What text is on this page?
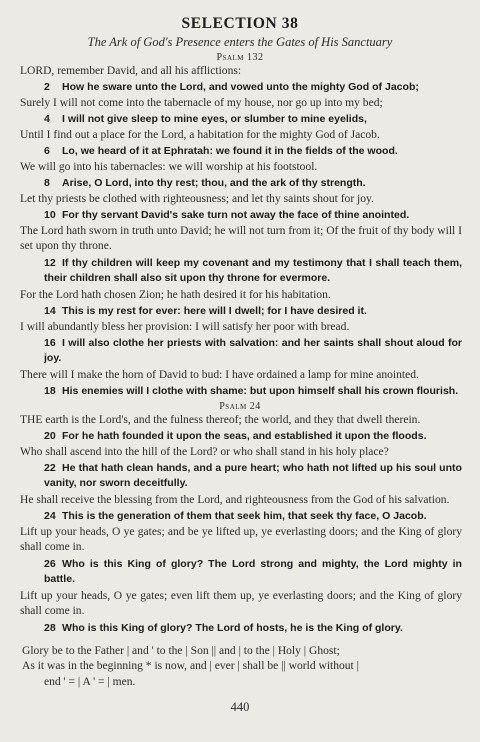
SELECTION 38
The Ark of God's Presence enters the Gates of His Sanctuary
Psalm 132
LORD, remember David, and all his afflictions:
2 How he sware unto the Lord, and vowed unto the mighty God of Jacob;
Surely I will not come into the tabernacle of my house, nor go up into my bed;
4 I will not give sleep to mine eyes, or slumber to mine eyelids,
Until I find out a place for the Lord, a habitation for the mighty God of Jacob.
6 Lo, we heard of it at Ephratah: we found it in the fields of the wood.
We will go into his tabernacles: we will worship at his footstool.
8 Arise, O Lord, into thy rest; thou, and the ark of thy strength.
Let thy priests be clothed with righteousness; and let thy saints shout for joy.
10 For thy servant David's sake turn not away the face of thine anointed.
The Lord hath sworn in truth unto David; he will not turn from it; Of the fruit of thy body will I set upon thy throne.
12 If thy children will keep my covenant and my testimony that I shall teach them, their children shall also sit upon thy throne for evermore.
For the Lord hath chosen Zion; he hath desired it for his habitation.
14 This is my rest for ever: here will I dwell; for I have desired it.
I will abundantly bless her provision: I will satisfy her poor with bread.
16 I will also clothe her priests with salvation: and her saints shall shout aloud for joy.
There will I make the horn of David to bud: I have ordained a lamp for mine anointed.
18 His enemies will I clothe with shame: but upon himself shall his crown flourish.
Psalm 24
THE earth is the Lord's, and the fulness thereof; the world, and they that dwell therein.
20 For he hath founded it upon the seas, and established it upon the floods.
Who shall ascend into the hill of the Lord? or who shall stand in his holy place?
22 He that hath clean hands, and a pure heart; who hath not lifted up his soul unto vanity, nor sworn deceitfully.
He shall receive the blessing from the Lord, and righteousness from the God of his salvation.
24 This is the generation of them that seek him, that seek thy face, O Jacob.
Lift up your heads, O ye gates; and be ye lifted up, ye everlasting doors; and the King of glory shall come in.
26 Who is this King of glory? The Lord strong and mighty, the Lord mighty in battle.
Lift up your heads, O ye gates; even lift them up, ye everlasting doors; and the King of glory shall come in.
28 Who is this King of glory? The Lord of hosts, he is the King of glory.
Glory be to the Father | and ' to the | Son || and | to the | Holy | Ghost;
As it was in the beginning * is now, and | ever | shall be || world without |
end ' = | A ' = | men.
440
